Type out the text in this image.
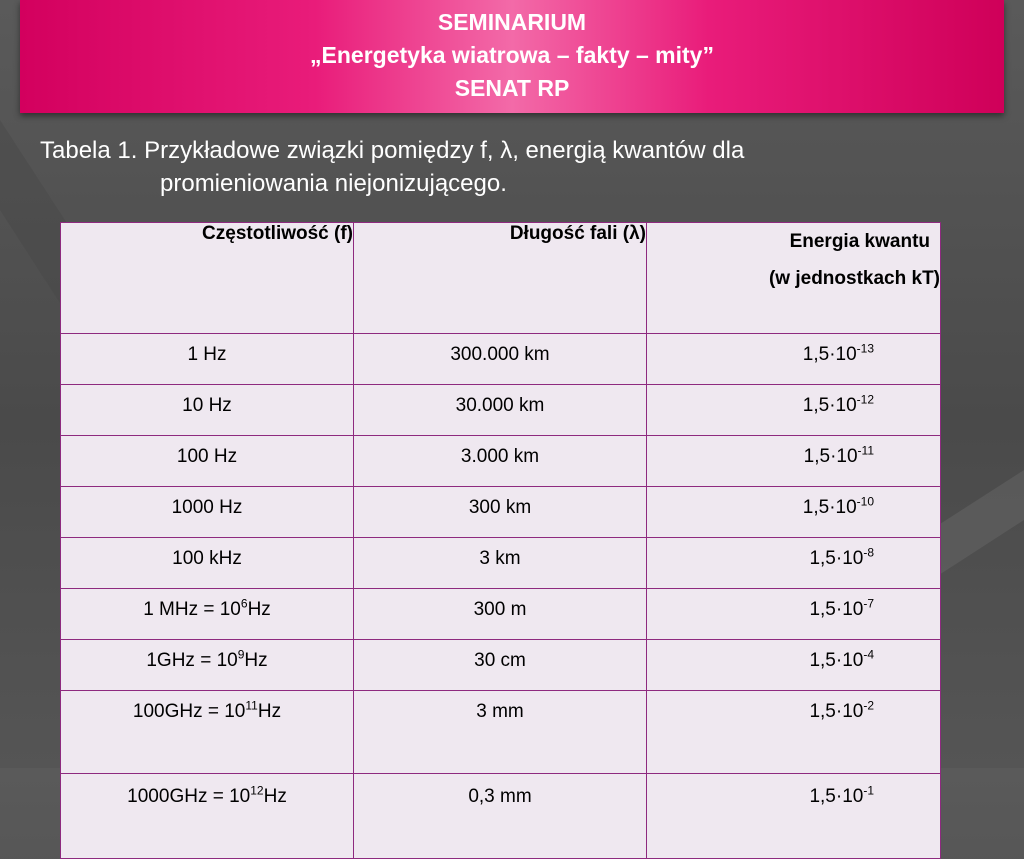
SEMINARIUM
„Energetyka wiatrowa – fakty – mity”
SENAT RP
Tabela 1. Przykładowe związki pomiędzy f, λ, energią kwantów dla
promieniowania niejonizującego.
Częstotliwość (f)	Długość fali (λ)	Energia kwantu
(w jednostkach kT)

1 Hz	300.000 km	$1,5\cdot 10^{-13}$
10 Hz	30.000 km	$1,5\cdot 10^{-12}$
100 Hz	3.000 km	$1,5\cdot 10^{-11}$
1000 Hz	300 km	$1,5\cdot 10^{-10}$
100 kHz	3 km	$1,5\cdot 10^{-8}$
1 MHz = $10^6Hz$	300 m	$1,5\cdot 10^{-7}$
$1GHz = 10^9Hz$	30 cm	$1,5\cdot 10^{-4}$
$100GHz = 10^{11}Hz$	3 mm	$1,5\cdot 10^{-2}$
$1000GHz = 10^{12}Hz$	0,3 mm	$1,5\cdot 10^{-1}$
